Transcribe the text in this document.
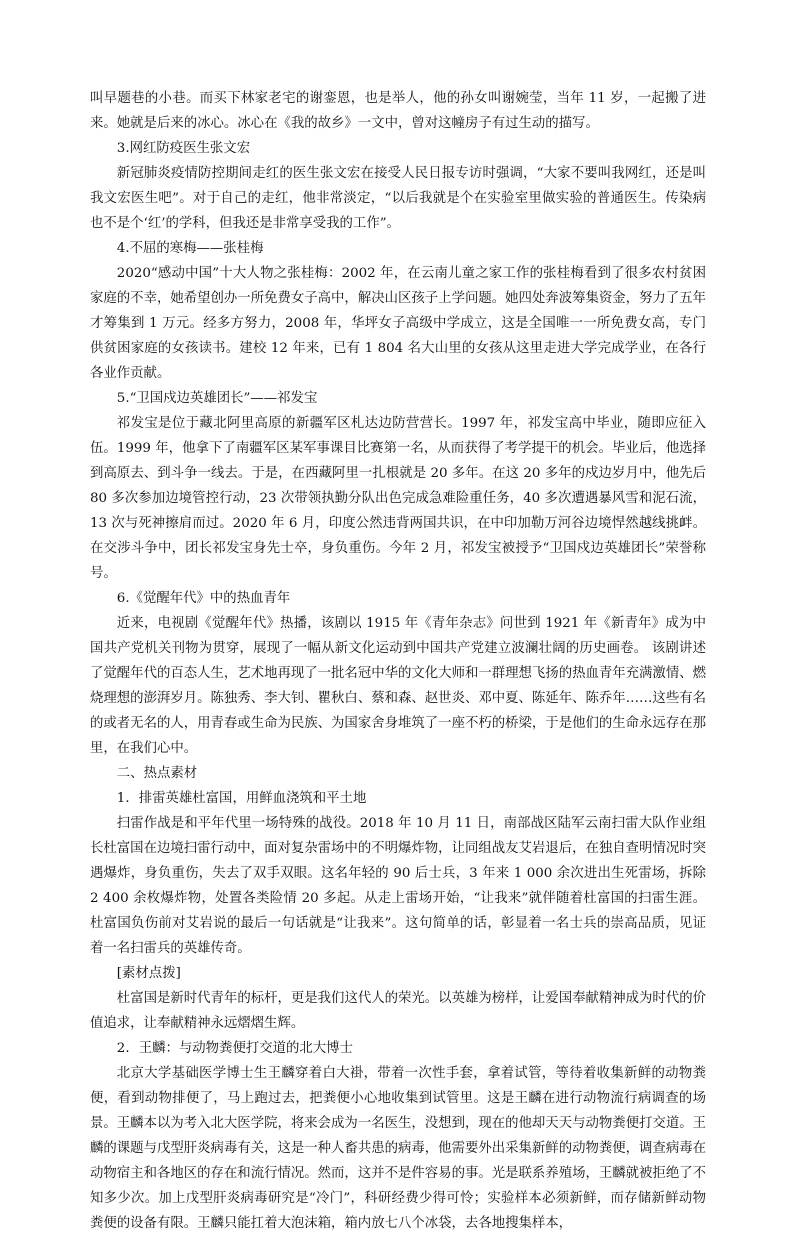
叫早题巷的小巷。而买下林家老宅的谢銮恩，也是举人，他的孙女叫谢婉莹，当年 11 岁，一起搬了进来。她就是后来的冰心。冰心在《我的故乡》一文中，曾对这幢房子有过生动的描写。

3.网红防疫医生张文宏

新冠肺炎疫情防控期间走红的医生张文宏在接受人民日报专访时强调，“大家不要叫我网红，还是叫我文宏医生吧”。对于自己的走红，他非常淡定，“以后我就是个在实验室里做实验的普通医生。传染病也不是个‘红’的学科，但我还是非常享受我的工作”。

4.不屈的寒梅——张桂梅

2020“感动中国”十大人物之张桂梅：2002 年，在云南儿童之家工作的张桂梅看到了很多农村贫困家庭的不幸，她希望创办一所免费女子高中，解决山区孩子上学问题。她四处奔波筹集资金，努力了五年才筹集到 1 万元。经多方努力，2008 年，华坪女子高级中学成立，这是全国唯一一所免费女高，专门供贫困家庭的女孩读书。建校 12 年来，已有 1 804 名大山里的女孩从这里走进大学完成学业，在各行各业作贡献。

5.“卫国戍边英雄团长”——祁发宝

祁发宝是位于藏北阿里高原的新疆军区札达边防营营长。1997 年，祁发宝高中毕业，随即应征入伍。1999 年，他拿下了南疆军区某军事课目比赛第一名，从而获得了考学提干的机会。毕业后，他选择到高原去、到斗争一线去。于是，在西藏阿里一扎根就是 20 多年。在这 20 多年的戍边岁月中，他先后 80 多次参加边境管控行动，23 次带领执勤分队出色完成急难险重任务，40 多次遭遇暴风雪和泥石流，13 次与死神擦肩而过。2020 年 6 月，印度公然违背两国共识，在中印加勒万河谷边境悍然越线挑衅。在交涉斗争中，团长祁发宝身先士卒，身负重伤。今年 2 月，祁发宝被授予“卫国戍边英雄团长”荣誉称号。

6.《觉醒年代》中的热血青年

近来，电视剧《觉醒年代》热播，该剧以 1915 年《青年杂志》问世到 1921 年《新青年》成为中国共产党机关刊物为贯穿，展现了一幅从新文化运动到中国共产党建立波澜壮阔的历史画卷。 该剧讲述了觉醒年代的百态人生，艺术地再现了一批名冠中华的文化大师和一群理想飞扬的热血青年充满激情、燃烧理想的澎湃岁月。陈独秀、李大钊、瞿秋白、蔡和森、赵世炎、邓中夏、陈延年、陈乔年……这些有名的或者无名的人，用青春或生命为民族、为国家舍身堆筑了一座不朽的桥梁，于是他们的生命永远存在那里，在我们心中。

二、热点素材

1．排雷英雄杜富国，用鲜血浇筑和平土地

扫雷作战是和平年代里一场特殊的战役。2018 年 10 月 11 日，南部战区陆军云南扫雷大队作业组长杜富国在边境扫雷行动中，面对复杂雷场中的不明爆炸物，让同组战友艾岩退后，在独自查明情况时突遇爆炸，身负重伤，失去了双手双眼。这名年轻的 90 后士兵，3 年来 1 000 余次进出生死雷场，拆除 2 400 余枚爆炸物，处置各类险情 20 多起。从走上雷场开始，“让我来”就伴随着杜富国的扫雷生涯。杜富国负伤前对艾岩说的最后一句话就是“让我来”。这句简单的话，彰显着一名士兵的崇高品质，见证着一名扫雷兵的英雄传奇。

[素材点拨]

杜富国是新时代青年的标杆，更是我们这代人的荣光。以英雄为榜样，让爱国奉献精神成为时代的价值追求，让奉献精神永远熠熠生辉。

2．王麟：与动物粪便打交道的北大博士

北京大学基础医学博士生王麟穿着白大褂，带着一次性手套，拿着试管，等待着收集新鲜的动物粪便，看到动物排便了，马上跑过去，把粪便小心地收集到试管里。这是王麟在进行动物流行病调查的场景。王麟本以为考入北大医学院，将来会成为一名医生，没想到，现在的他却天天与动物粪便打交道。王麟的课题与戊型肝炎病毒有关，这是一种人畜共患的病毒，他需要外出采集新鲜的动物粪便，调查病毒在动物宿主和各地区的存在和流行情况。然而，这并不是件容易的事。光是联系养殖场，王麟就被拒绝了不知多少次。加上戊型肝炎病毒研究是“冷门”，科研经费少得可怜；实验样本必须新鲜，而存储新鲜动物粪便的设备有限。王麟只能扛着大泡沫箱，箱内放七八个冰袋，去各地搜集样本，
